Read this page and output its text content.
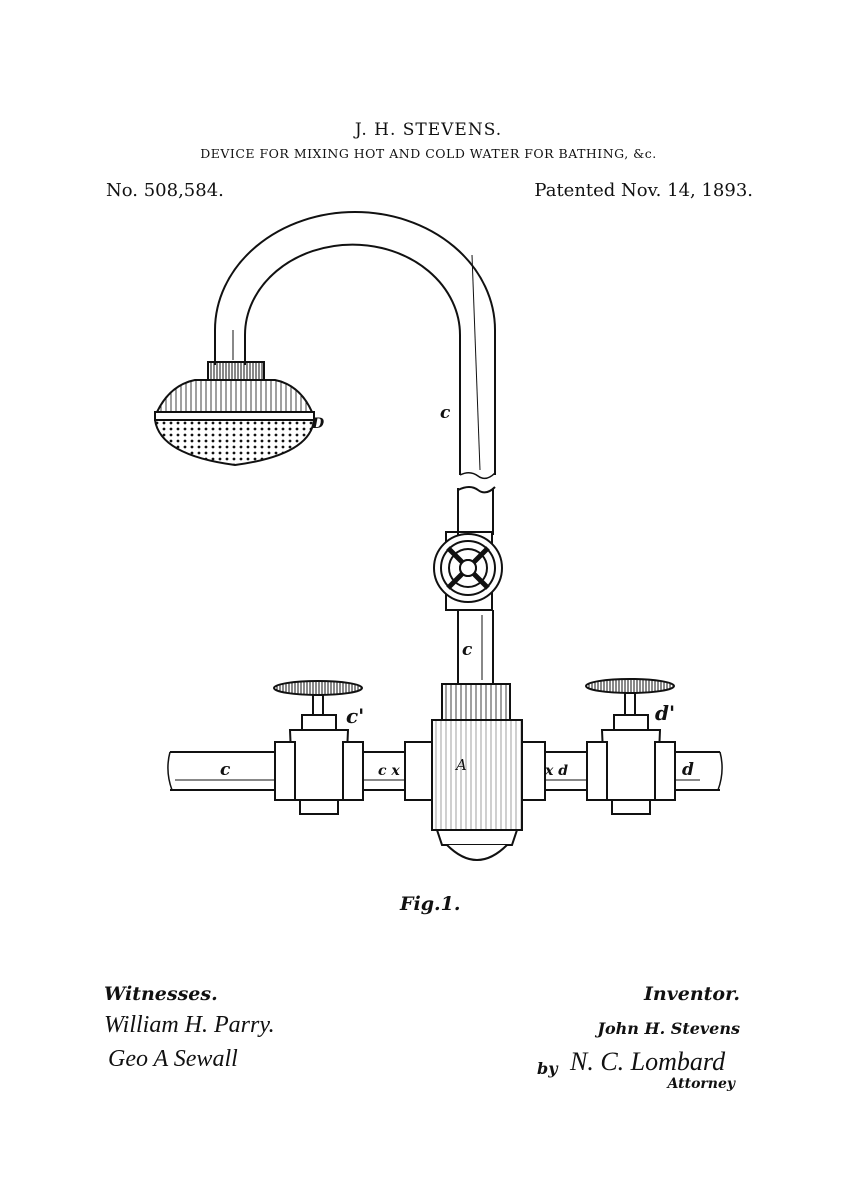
J. H. STEVENS.
DEVICE FOR MIXING HOT AND COLD WATER FOR BATHING, &c.
No. 508,584.	Patented Nov. 14, 1893.
c
D
c
c'	d'
c	c x	A	x d	d
Fig.1.
Witnesses.
William H. Parry.
Geo A Sewall
Inventor.
John H. Stevens
by N. C. Lombard
Attorney
